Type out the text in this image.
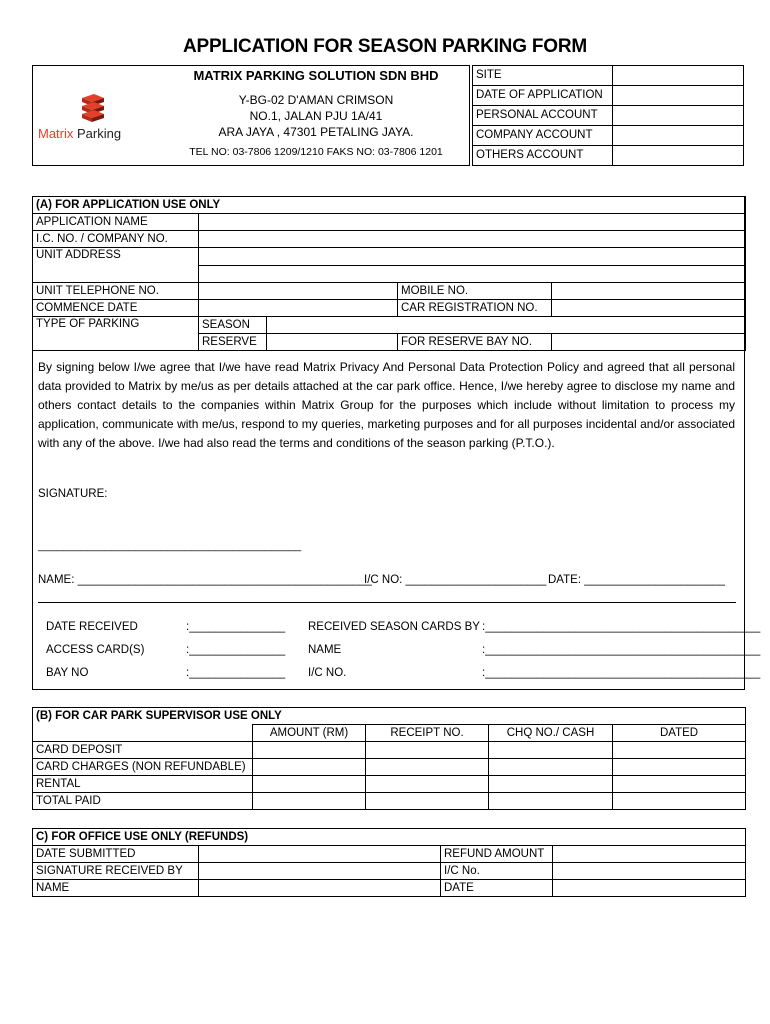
APPLICATION FOR SEASON PARKING FORM
Matrix Parking
MATRIX PARKING SOLUTION SDN BHD
Y-BG-02 D'AMAN CRIMSON
NO.1, JALAN PJU 1A/41
ARA JAYA , 47301 PETALING JAYA.
TEL NO: 03-7806 1209/1210 FAKS NO: 03-7806 1201
SITE	
DATE OF APPLICATION	
PERSONAL ACCOUNT	
COMPANY ACCOUNT	
OTHERS ACCOUNT	
(A) FOR APPLICATION USE ONLY				
APPLICATION NAME				
I.C. NO. / COMPANY NO.				
UNIT ADDRESS				

UNIT TELEPHONE NO.			MOBILE NO.	
COMMENCE DATE			CAR REGISTRATION NO.	
TYPE OF PARKING	SEASON			
	RESERVE		FOR RESERVE BAY NO.	
By signing below I/we agree that I/we have read Matrix Privacy And Personal Data Protection Policy and agreed that all personal data provided to Matrix by me/us as per details attached at the car park office. Hence, I/we hereby agree to disclose my name and others contact details to the companies within Matrix Group for the purposes which include without limitation to process my application, communicate with me/us, respond to my queries, marketing purposes and for all purposes incidental and/or associated with any of the above. I/we had also read the terms and conditions of the season parking (P.T.O.).
SIGNATURE:
___________________________________________
NAME: ______________________________________________
I/C NO: ______________________ DATE: ______________________
DATE RECEIVED	:_______________ RECEIVED SEASON CARDS BY :___________________________________________
ACCESS CARD(S)	:_______________ NAME	:___________________________________________
BAY NO	:_______________ I/C NO.	:___________________________________________
(B) FOR CAR PARK SUPERVISOR USE ONLY				
	AMOUNT (RM)	RECEIPT NO.	CHQ NO./ CASH	DATED
CARD DEPOSIT				
CARD CHARGES (NON REFUNDABLE)				
RENTAL				
TOTAL PAID				
C) FOR OFFICE USE ONLY (REFUNDS)			
DATE SUBMITTED		REFUND AMOUNT	
SIGNATURE RECEIVED BY		I/C No.	
NAME		DATE	
